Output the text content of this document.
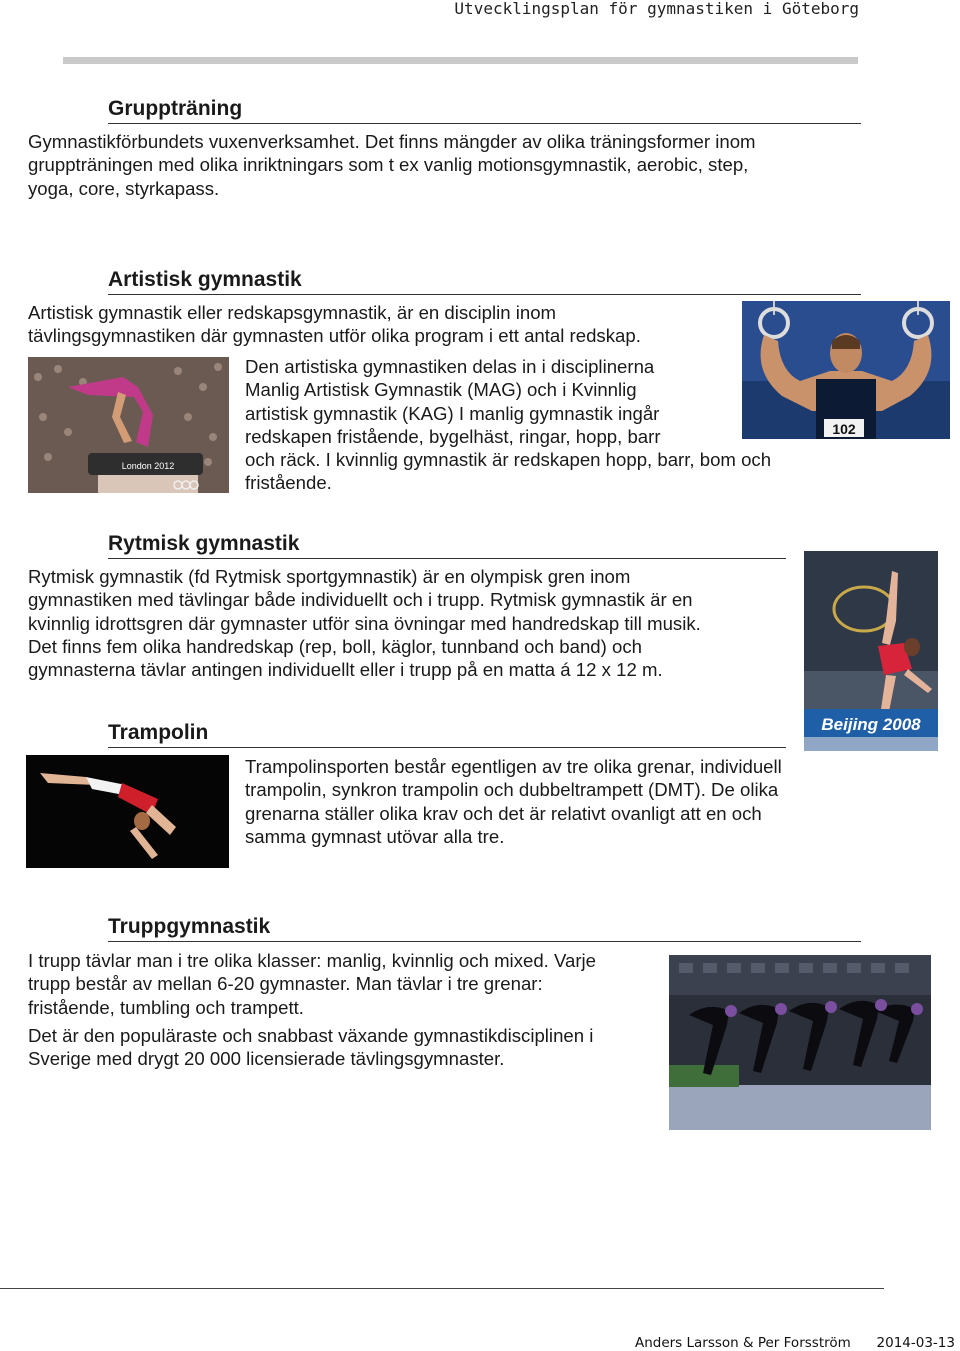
Utvecklingsplan för gymnastiken i Göteborg
Gruppträning
Gymnastikförbundets vuxenverksamhet. Det finns mängder av olika träningsformer inom
gruppträningen med olika inriktningars som t ex vanlig motionsgymnastik, aerobic, step,
yoga, core, styrkapass.
Artistisk gymnastik
Artistisk gymnastik eller redskapsgymnastik, är en disciplin inom
tävlingsgymnastiken där gymnasten utför olika program i ett antal redskap.
102
London 2012
Den artistiska gymnastiken delas in i disciplinerna
Manlig Artistisk Gymnastik (MAG) och i Kvinnlig
artistisk gymnastik (KAG) I manlig gymnastik ingår
redskapen fristående, bygelhäst, ringar, hopp, barr
och räck. I kvinnlig gymnastik är redskapen hopp, barr, bom och
fristående.
Rytmisk gymnastik
Rytmisk gymnastik (fd Rytmisk sportgymnastik) är en olympisk gren inom
gymnastiken med tävlingar både individuellt och i trupp. Rytmisk gymnastik är en
kvinnlig idrottsgren där gymnaster utför sina övningar med handredskap till musik.
Det finns fem olika handredskap (rep, boll, käglor, tunnband och band) och
gymnasterna tävlar antingen individuellt eller i trupp på en matta á 12 x 12 m.
Beijing 2008
Trampolin
Trampolinsporten består egentligen av tre olika grenar, individuell
trampolin, synkron trampolin och dubbeltrampett (DMT). De olika
grenarna ställer olika krav och det är relativt ovanligt att en och
samma gymnast utövar alla tre.
Truppgymnastik
I trupp tävlar man i tre olika klasser: manlig, kvinnlig och mixed. Varje
trupp består av mellan 6-20 gymnaster. Man tävlar i tre grenar:
fristående, tumbling och trampett.
Det är den populäraste och snabbast växande gymnastikdisciplinen i
Sverige med drygt 20 000 licensierade tävlingsgymnaster.
Anders Larsson & Per Forsström 2014-03-13
